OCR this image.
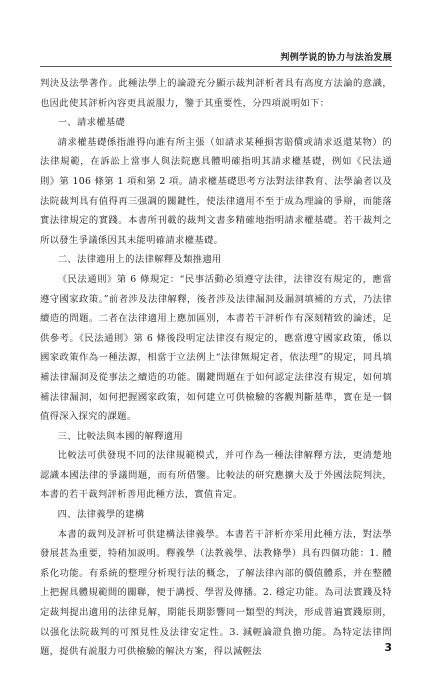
判例学说的协力与法治发展

判決及法學著作。此種法學上的論證充分顯示裁判評析者具有高度方法論的意識，也因此使其評析內容更具説服力，鑒于其重要性，分四項説明如下：

一、請求權基礎

請求權基礎係指誰得向誰有所主張（如請求某種損害賠償或請求返還某物）的法律規範，在訴訟上當事人與法院應具體明確指明其請求權基礎，例如《民法通則》第 106 條第 1 項和第 2 項。請求權基礎思考方法對法律教育、法學論者以及法院裁判具有值得再三强調的關鍵性，使法律適用不至于成為理論的爭辯，而能落實法律規定的實踐。本書所刊載的裁判文書多精確地指明請求權基礎。若干裁判之所以發生爭議係因其未能明確請求權基礎。

二、法律適用上的法律解釋及類推適用

《民法通則》第 6 條規定：“民事活動必須遵守法律，法律沒有規定的，應當遵守國家政策。”前者涉及法律解釋，後者涉及法律漏洞及漏洞填補的方式，乃法律續造的問題。二者在法律適用上應加區別，本書若干評析作有深刻精致的論述，足供參考。《民法通則》第 6 條後段明定法律沒有規定的，應當遵守國家政策，係以國家政策作為一種法源，相當于立法例上“法律無規定者，依法理”的規定，同具填補法律漏洞及從事法之續造的功能。關鍵問題在于如何認定法律沒有規定，如何填補法律漏洞，如何把握國家政策，如何建立可供檢驗的客觀判斷基準，實在是一個值得深入探究的課題。

三、比較法與本國的解釋適用

比較法可供發現不同的法律規範模式，并可作為一種法律解釋方法，更清楚地認識本國法律的爭議問題，而有所借鑒。比較法的研究應擴大及于外國法院判決，本書的若干裁判評析善用此種方法，實值肯定。

四、法律義學的建構

本書的裁判及評析可供建構法律義學。本書若干評析亦采用此種方法，對法學發展甚為重要，特稍加説明。釋義學（法教義學、法教條學）具有四個功能：1. 體系化功能。有系統的整理分析現行法的概念，了解法律內部的價值體系，并在整體上把握具體規範間的關聯，便于講授、學習及傳播。2. 穩定功能。為司法實踐及特定裁判提出適用的法律見解，期能長期影響同一類型的判決，形成普遍實踐原則，以强化法院裁判的可預見性及法律安定性。3. 減輕論證負擔功能。為特定法律問題，提供有説服力可供檢驗的解決方案，得以減輕法	3
